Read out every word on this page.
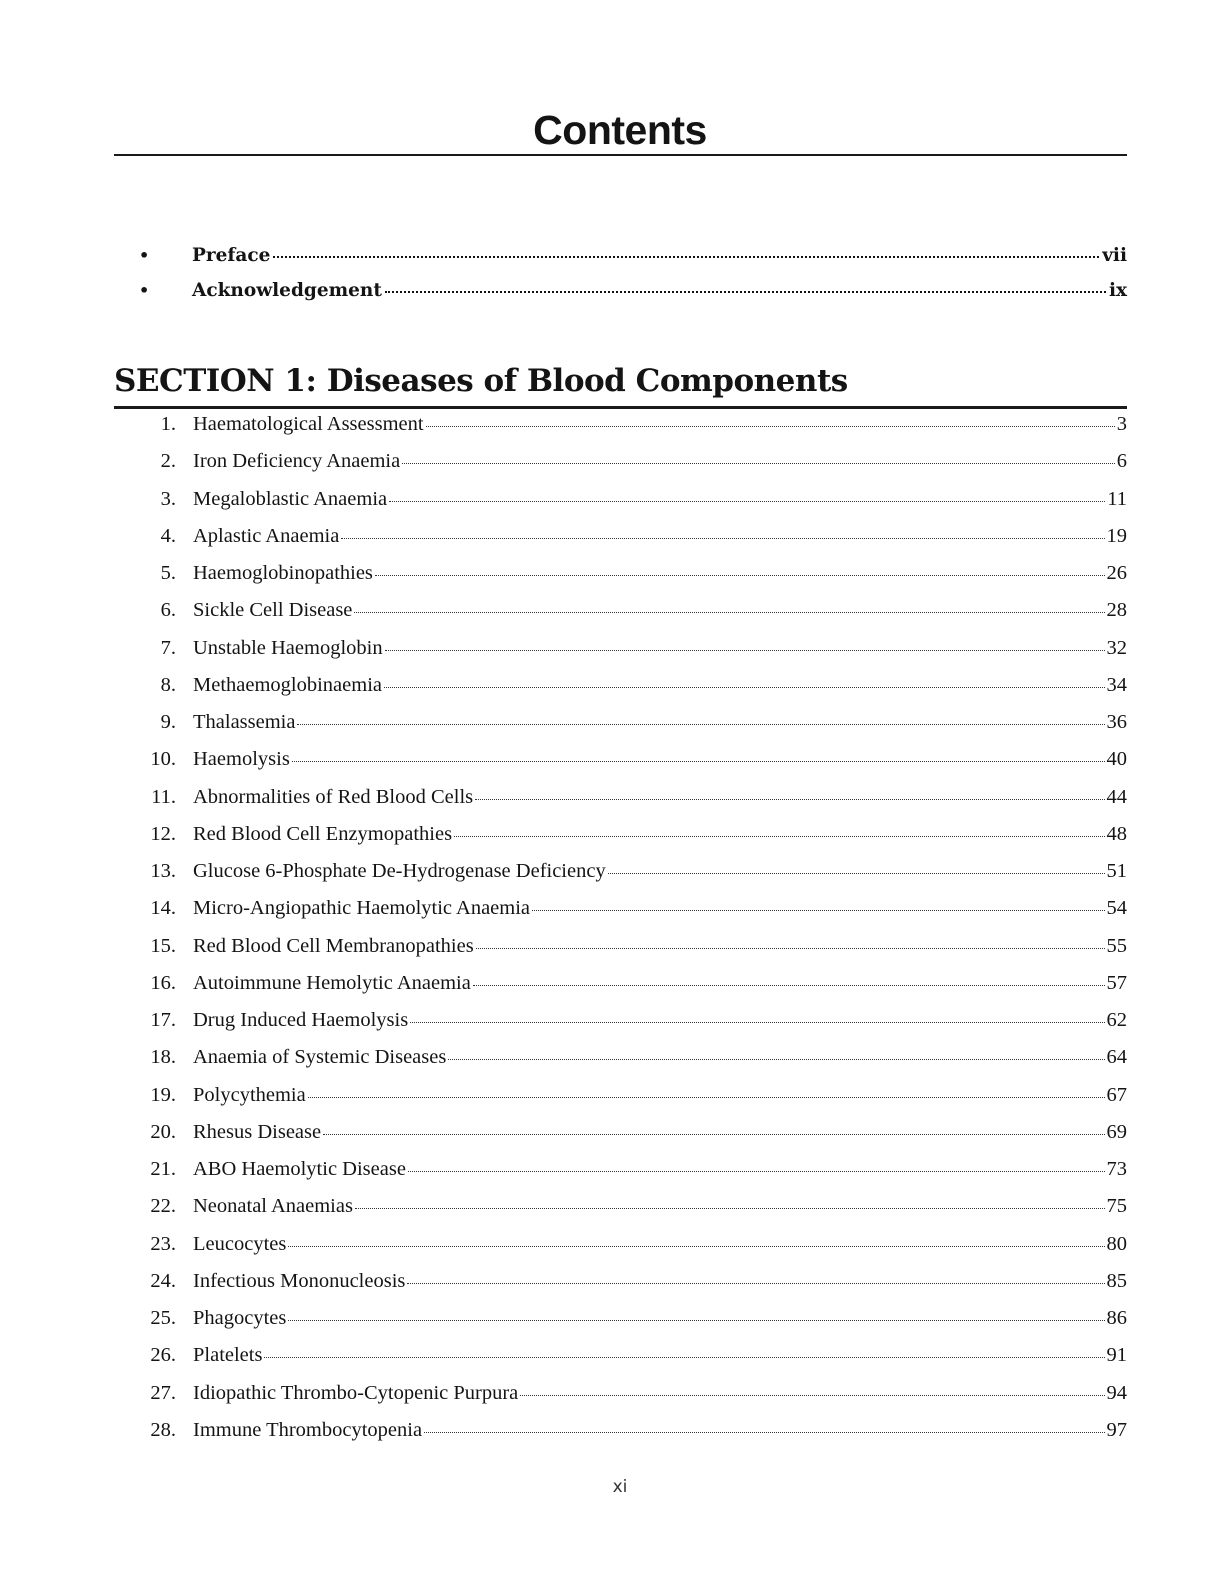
Contents
•	Preface	vii
•	Acknowledgement	ix
SECTION 1: Diseases of Blood Components
1. Haematological Assessment	3
2. Iron Deficiency Anaemia	6
3. Megaloblastic Anaemia	11
4. Aplastic Anaemia	19
5. Haemoglobinopathies	26
6. Sickle Cell Disease	28
7. Unstable Haemoglobin	32
8. Methaemoglobinaemia	34
9. Thalassemia	36
10. Haemolysis	40
11. Abnormalities of Red Blood Cells	44
12. Red Blood Cell Enzymopathies	48
13. Glucose 6-Phosphate De-Hydrogenase Deficiency	51
14. Micro-Angiopathic Haemolytic Anaemia	54
15. Red Blood Cell Membranopathies	55
16. Autoimmune Hemolytic Anaemia	57
17. Drug Induced Haemolysis	62
18. Anaemia of Systemic Diseases	64
19. Polycythemia	67
20. Rhesus Disease	69
21. ABO Haemolytic Disease	73
22. Neonatal Anaemias	75
23. Leucocytes	80
24. Infectious Mononucleosis	85
25. Phagocytes	86
26. Platelets	91
27. Idiopathic Thrombo-Cytopenic Purpura	94
28. Immune Thrombocytopenia	97
xi
